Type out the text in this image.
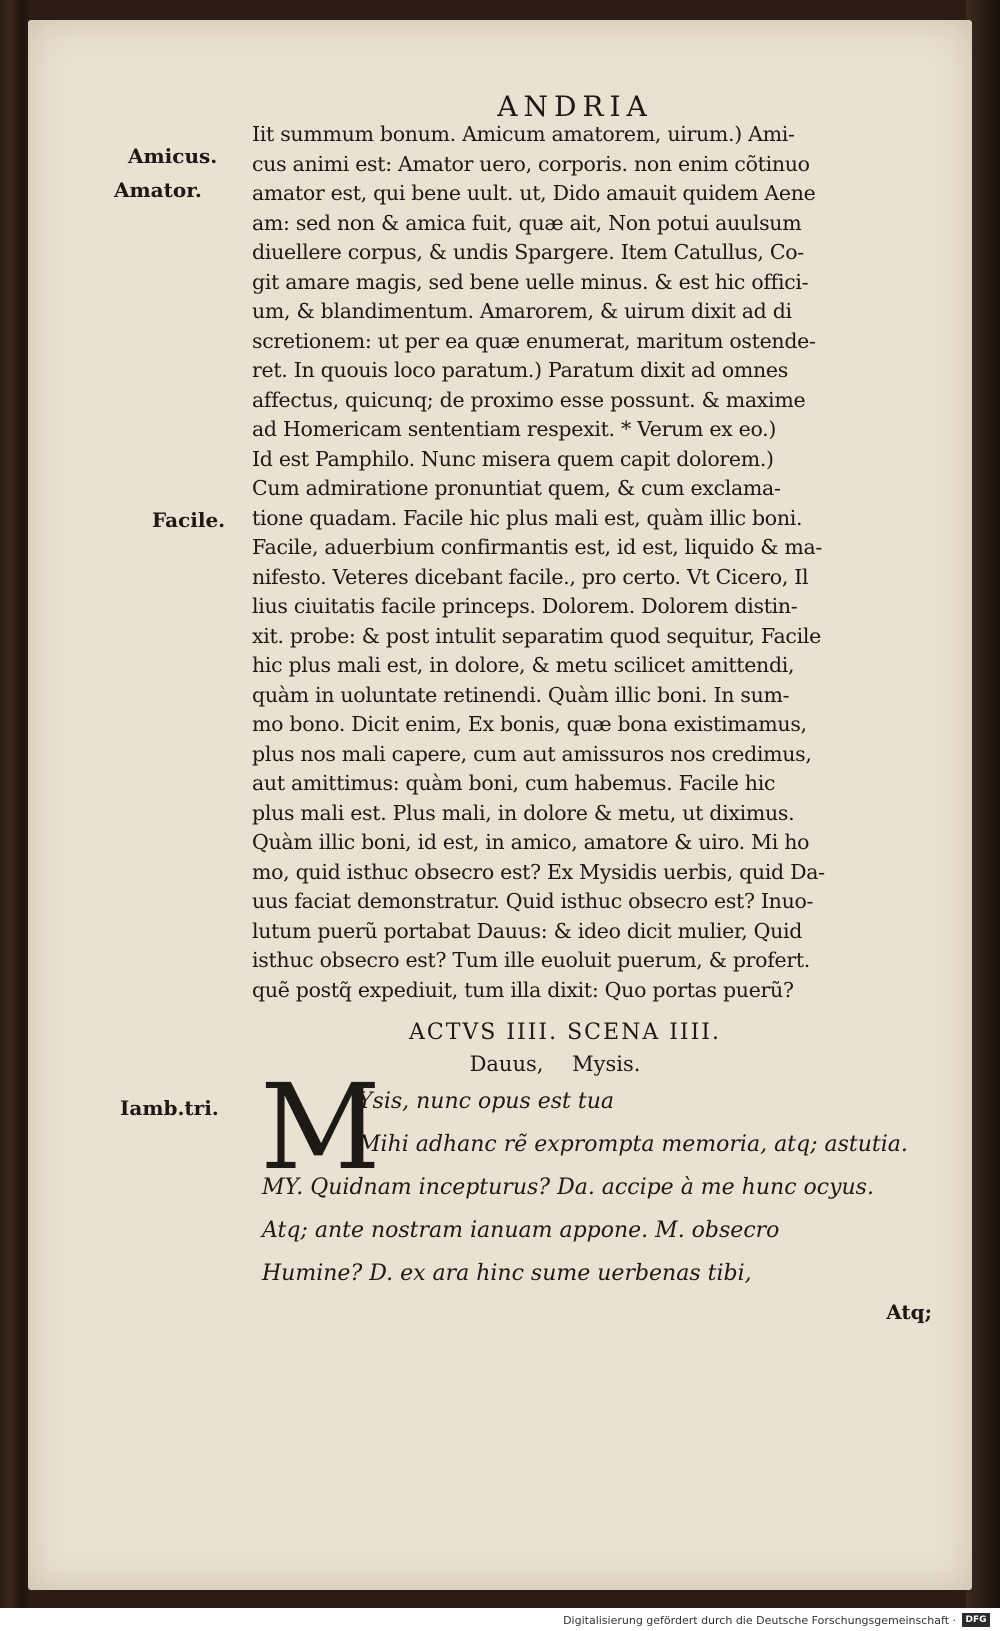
ANDRIA
Amicus.
Amator.
Facile.
Iamb.tri.
Iit summum bonum. Amicum amatorem, uirum.) Ami-
cus animi est: Amator uero, corporis. non enim cõtinuo
amator est, qui bene uult. ut, Dido amauit quidem Aene
am: sed non & amica fuit, quæ ait, Non potui auulsum
diuellere corpus, & undis Spargere. Item Catullus, Co-
git amare magis, sed bene uelle minus. & est hic offici-
um, & blandimentum. Amarorem, & uirum dixit ad di
scretionem: ut per ea quæ enumerat, maritum ostende-
ret. In quouis loco paratum.) Paratum dixit ad omnes
affectus, quicunq; de proximo esse possunt. & maxime
ad Homericam sententiam respexit. * Verum ex eo.)
Id est Pamphilo. Nunc misera quem capit dolorem.)
Cum admiratione pronuntiat quem, & cum exclama-
tione quadam. Facile hic plus mali est, quàm illic boni.
Facile, aduerbium confirmantis est, id est, liquido & ma-
nifesto. Veteres dicebant facile., pro certo. Vt Cicero, Il
lius ciuitatis facile princeps. Dolorem. Dolorem distin-
xit. probe: & post intulit separatim quod sequitur, Facile
hic plus mali est, in dolore, & metu scilicet amittendi,
quàm in uoluntate retinendi. Quàm illic boni. In sum-
mo bono. Dicit enim, Ex bonis, quæ bona existimamus,
plus nos mali capere, cum aut amissuros nos credimus,
aut amittimus: quàm boni, cum habemus. Facile hic
plus mali est. Plus mali, in dolore & metu, ut diximus.
Quàm illic boni, id est, in amico, amatore & uiro. Mi ho
mo, quid isthuc obsecro est? Ex Mysidis uerbis, quid Da-
uus faciat demonstratur. Quid isthuc obsecro est? Inuo-
lutum puerũ portabat Dauus: & ideo dicit mulier, Quid
isthuc obsecro est? Tum ille euoluit puerum, & profert.
quẽ postq̃ expediuit, tum illa dixit: Quo portas puerũ?
ACTVS IIII. SCENA IIII.
Dauus, Mysis.
M
Ysis, nunc opus est tua
Mihi adhanc rẽ exprompta memoria, atq; astutia.
MY. Quidnam incepturus? Da. accipe à me hunc ocyus.
Atq; ante nostram ianuam appone. M. obsecro
Humine? D. ex ara hinc sume uerbenas tibi,
Atq;
Digitalisierung gefördert durch die Deutsche Forschungsgemeinschaft ·	DFG
